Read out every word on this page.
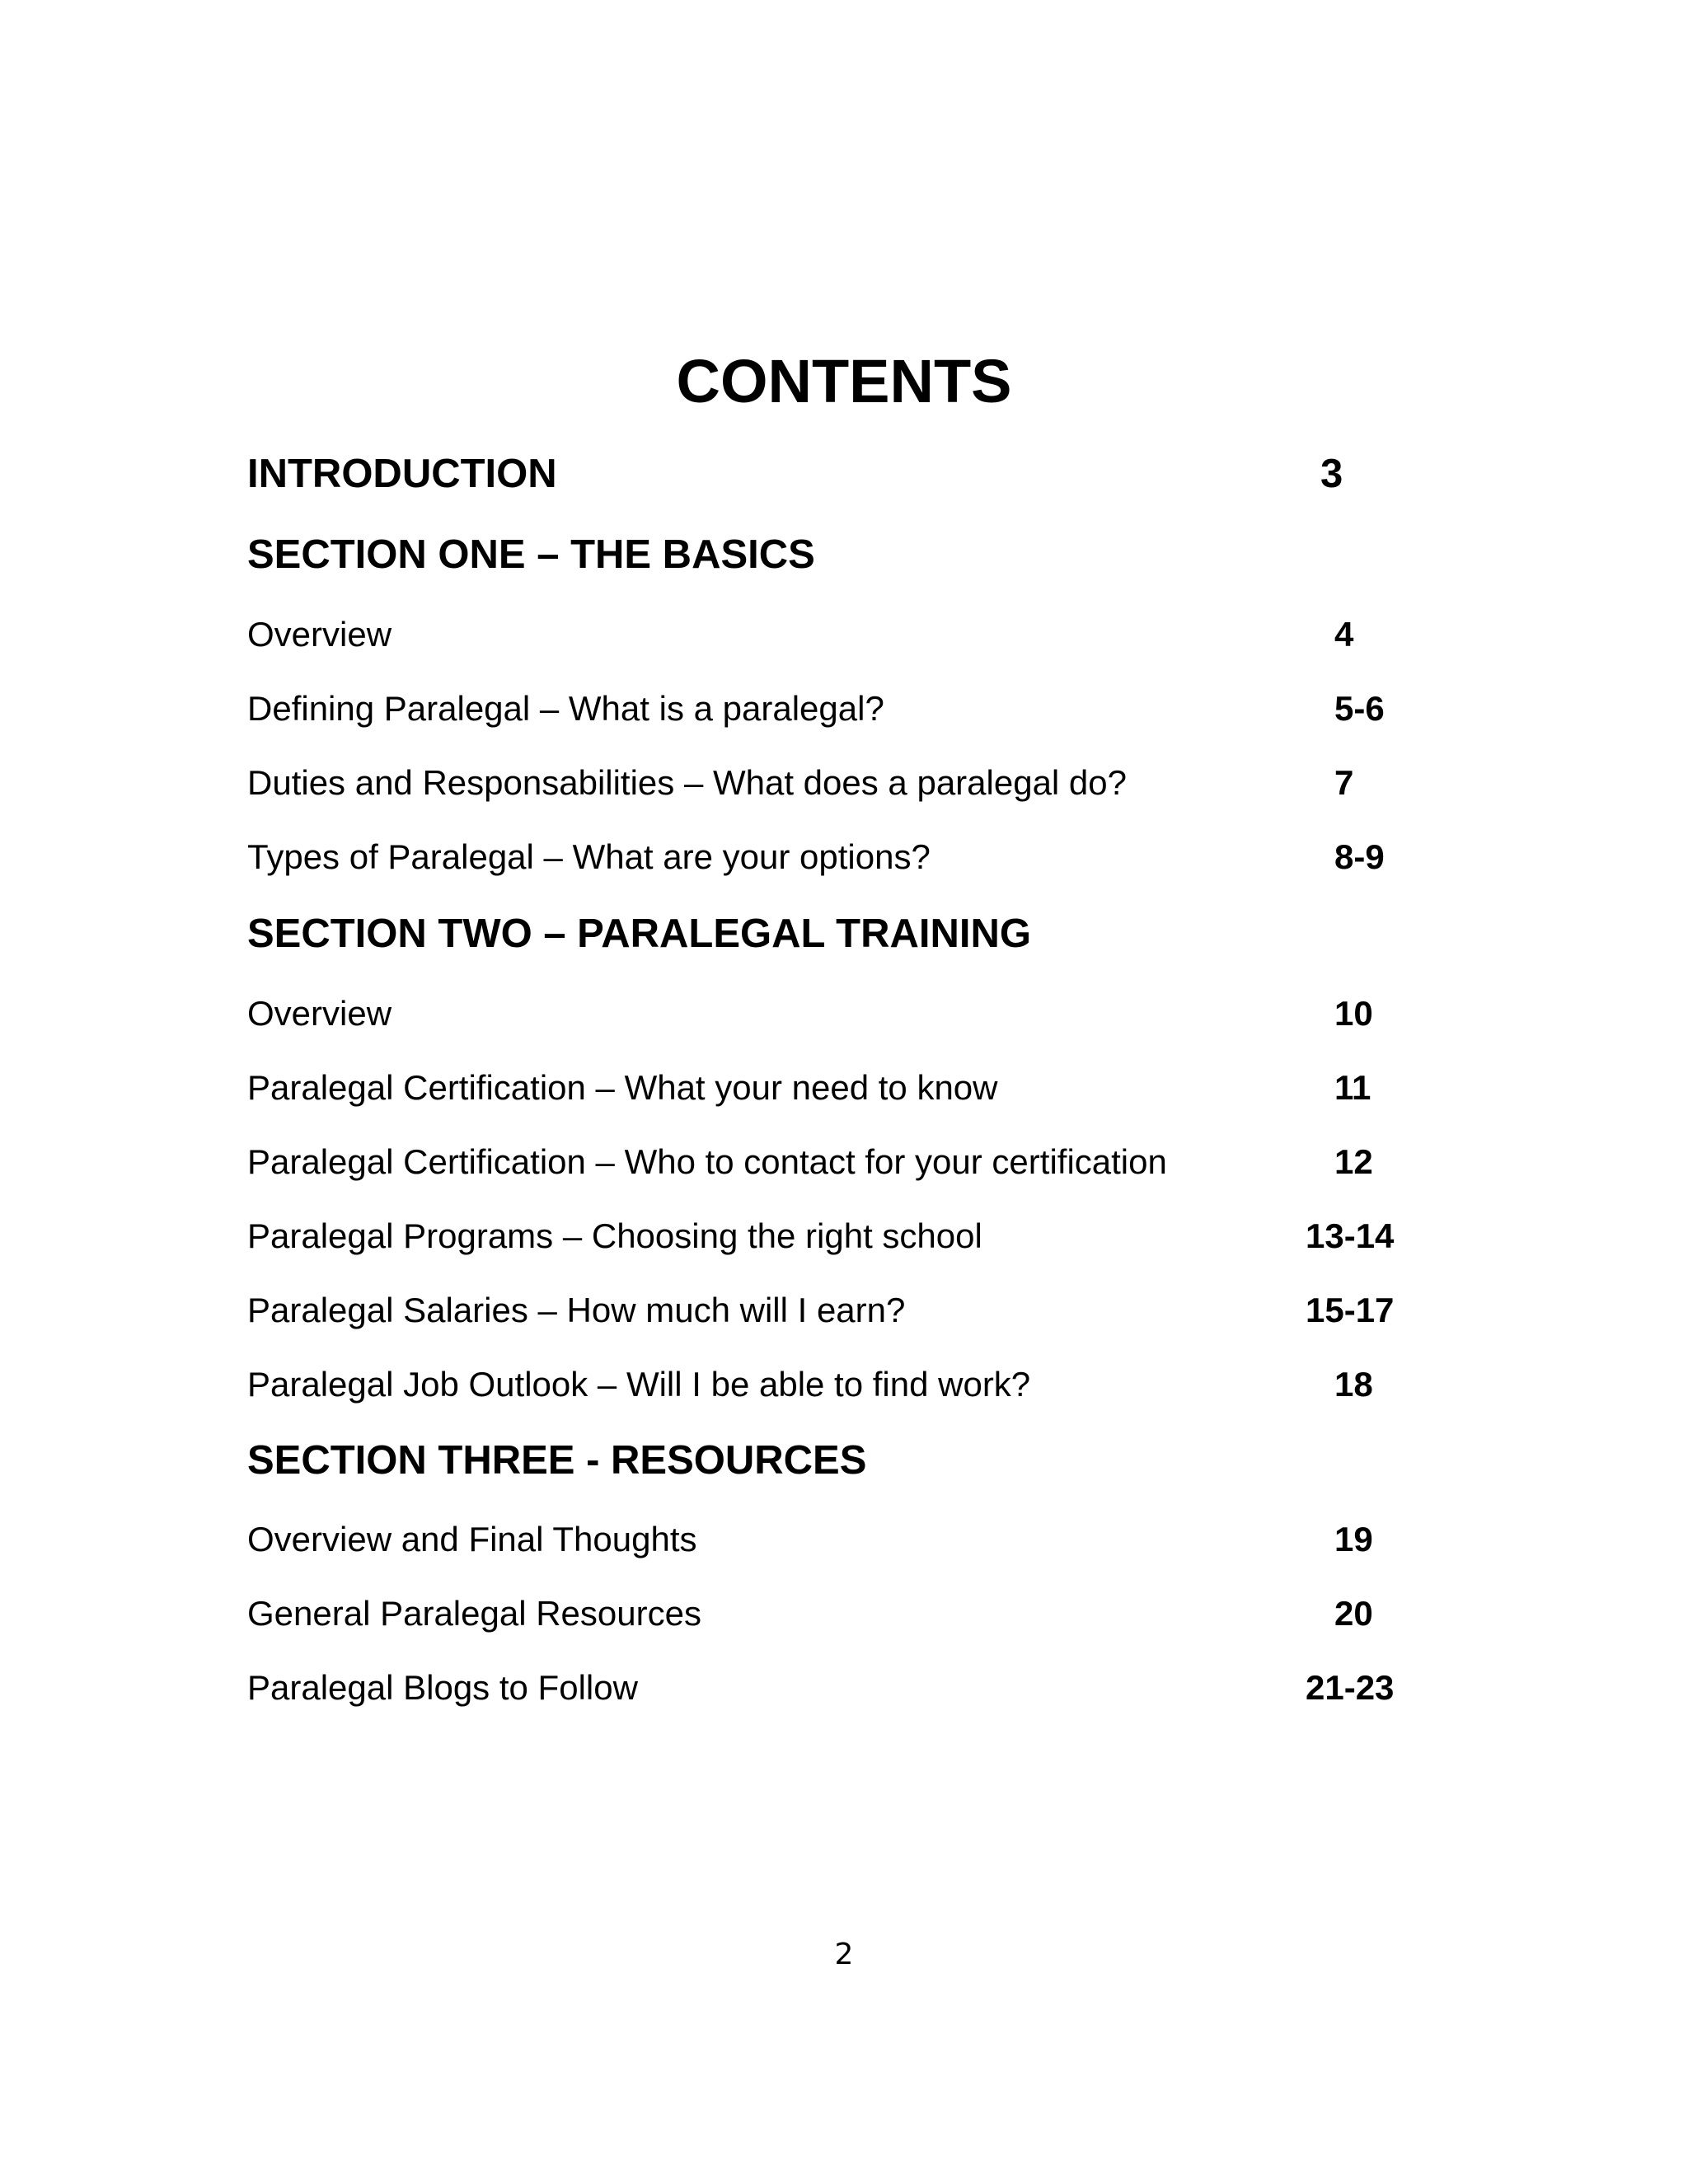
CONTENTS
INTRODUCTION	3
SECTION ONE – THE BASICS
Overview	4
Defining Paralegal – What is a paralegal?	5-6
Duties and Responsabilities – What does a paralegal do?	7
Types of Paralegal – What are your options?	8-9
SECTION TWO – PARALEGAL TRAINING
Overview	10
Paralegal Certification – What your need to know	11
Paralegal Certification – Who to contact for your certification	12
Paralegal Programs – Choosing the right school	13-14
Paralegal Salaries – How much will I earn?	15-17
Paralegal Job Outlook – Will I be able to find work?	18
SECTION THREE - RESOURCES
Overview and Final Thoughts	19
General Paralegal Resources	20
Paralegal Blogs to Follow	21-23
2
